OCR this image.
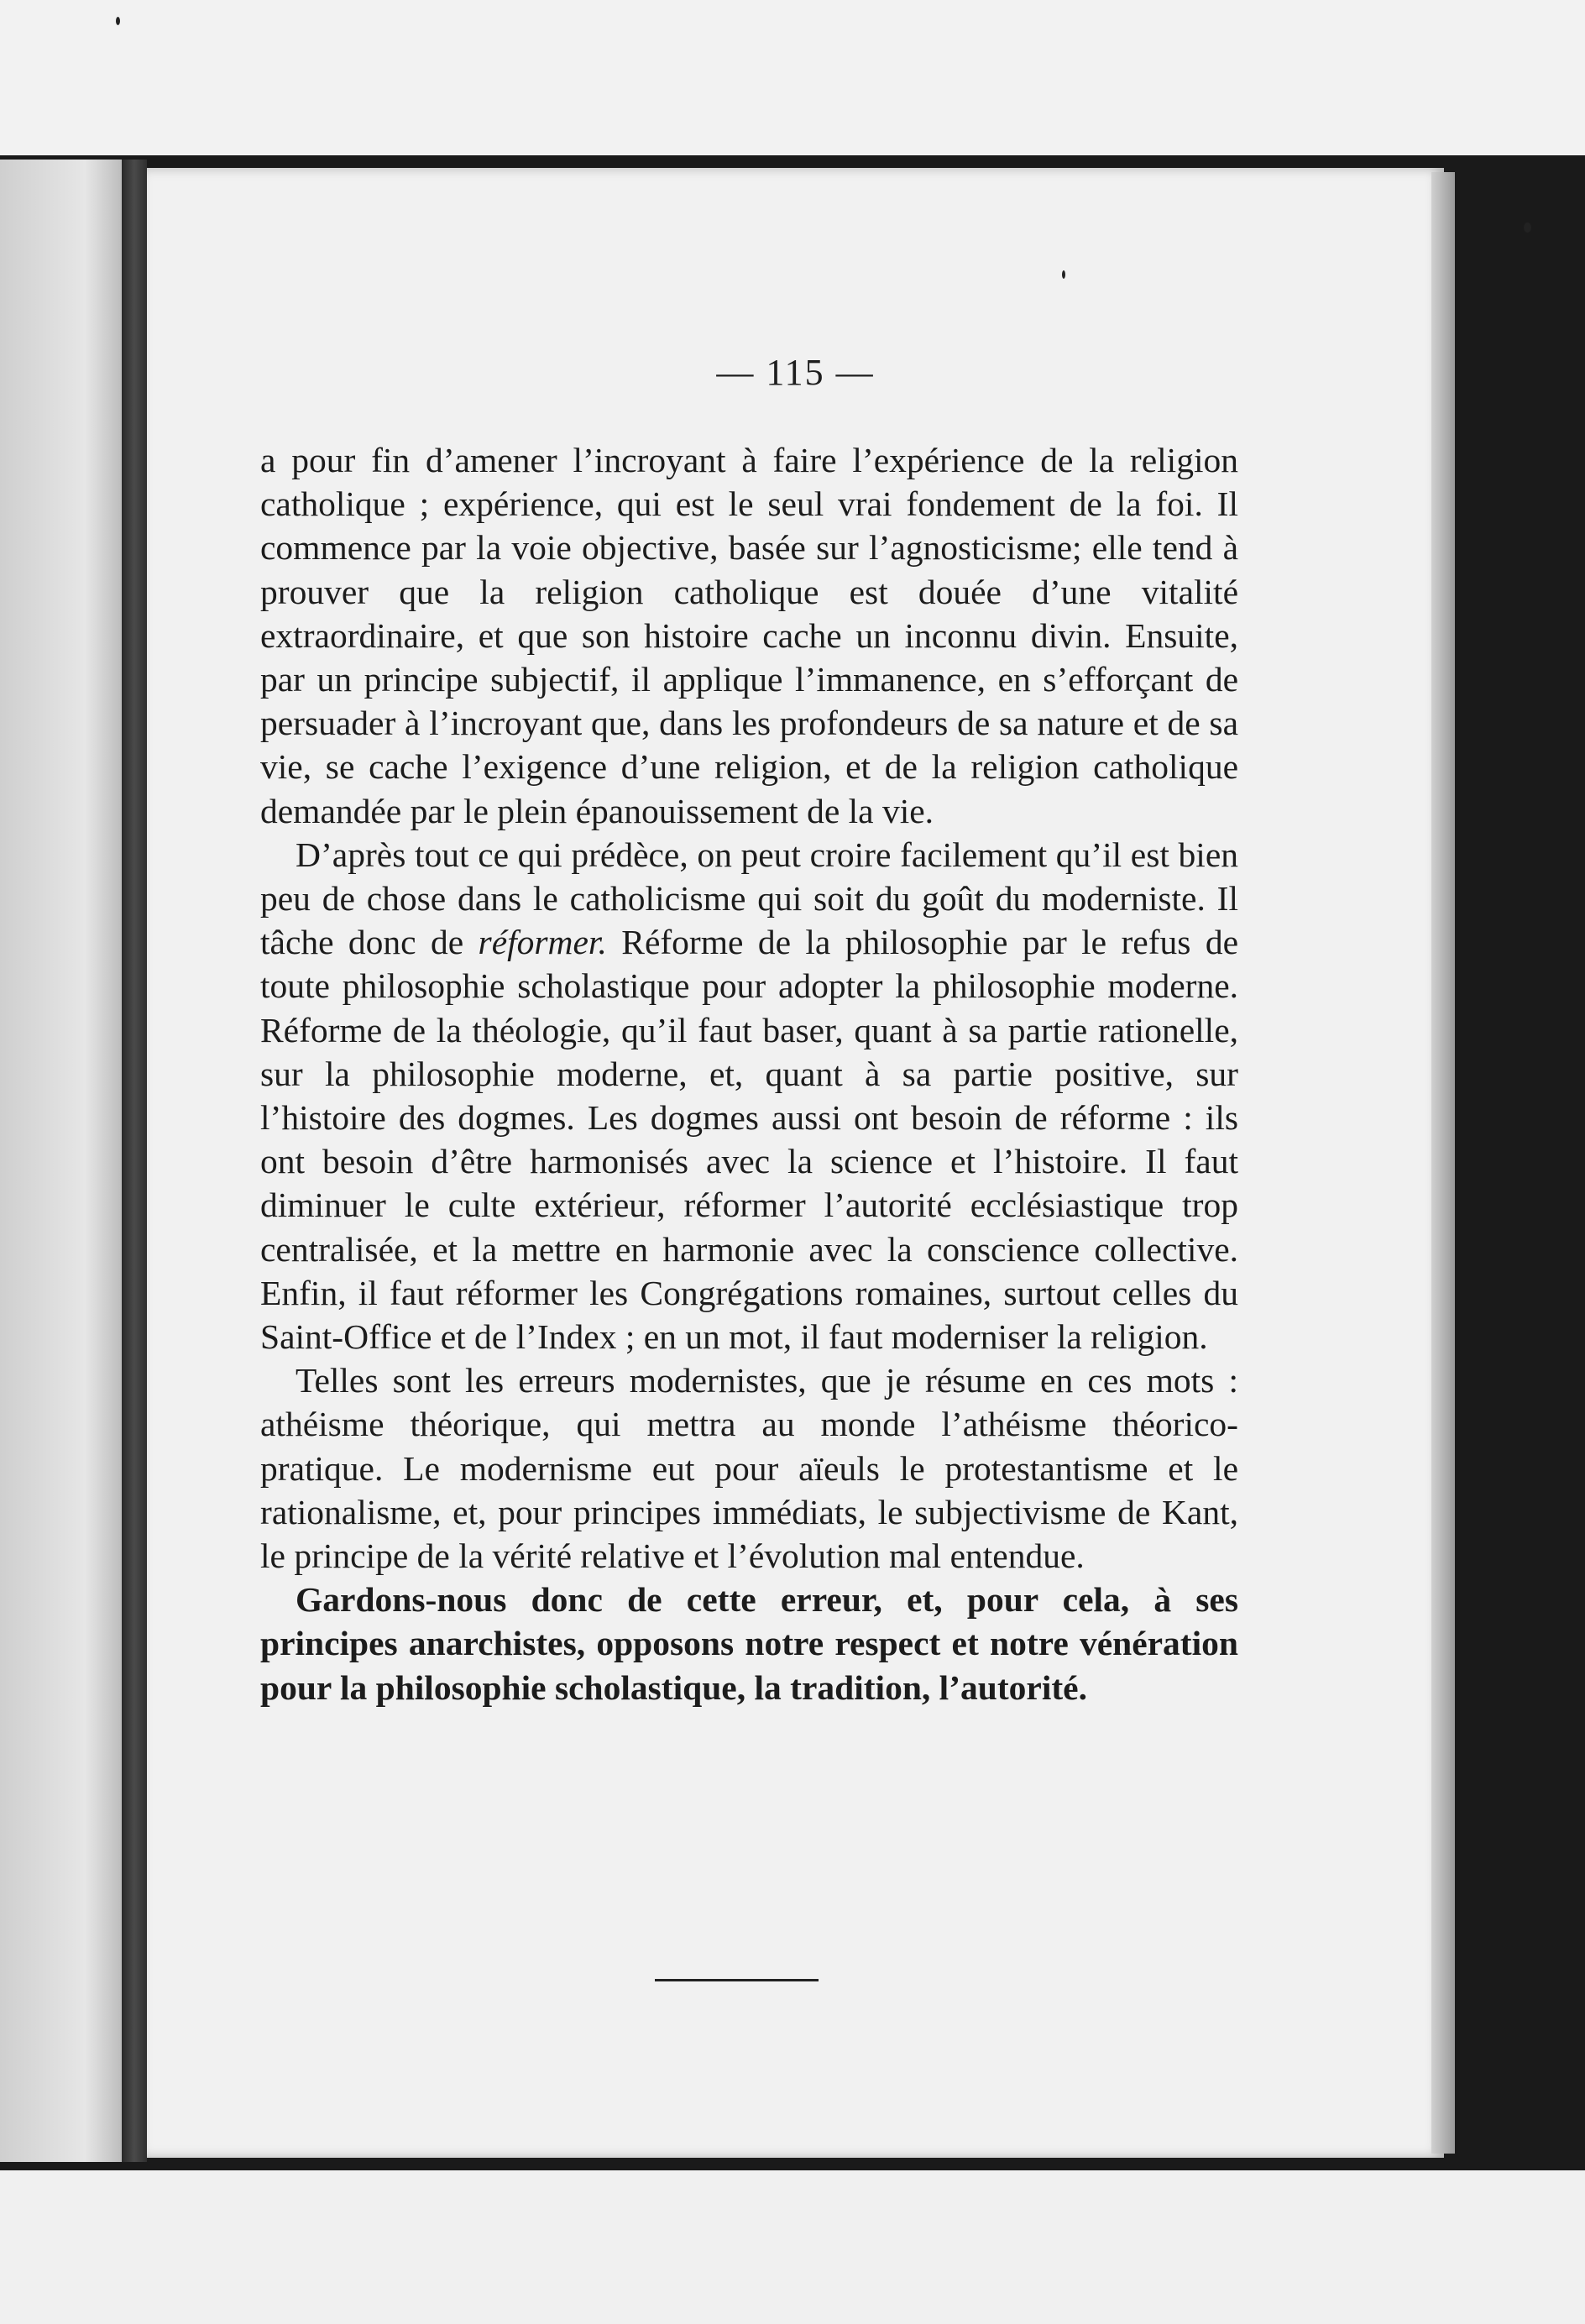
— 115 —

a pour fin d’amener l’incroyant à faire l’expérience de la religion catholique ; expérience, qui est le seul vrai fondement de la foi. Il commence par la voie objective, basée sur l’agnosticisme; elle tend à prouver que la religion catholique est douée d’une vitalité extraordinaire, et que son histoire cache un inconnu divin. Ensuite, par un principe subjectif, il applique l’immanence, en s’efforçant de persuader à l’incroyant que, dans les profondeurs de sa nature et de sa vie, se cache l’exigence d’une religion, et de la religion catholique demandée par le plein épanouissement de la vie.

D’après tout ce qui prédèce, on peut croire facilement qu’il est bien peu de chose dans le catholicisme qui soit du goût du moderniste. Il tâche donc de réformer. Réforme de la philosophie par le refus de toute philosophie scholastique pour adopter la philosophie moderne. Réforme de la théologie, qu’il faut baser, quant à sa partie rationelle, sur la philosophie moderne, et, quant à sa partie positive, sur l’histoire des dogmes. Les dogmes aussi ont besoin de réforme : ils ont besoin d’être harmonisés avec la science et l’histoire. Il faut diminuer le culte extérieur, réformer l’autorité ecclésiastique trop centralisée, et la mettre en harmonie avec la conscience collective. Enfin, il faut réformer les Congrégations romaines, surtout celles du Saint-Office et de l’Index ; en un mot, il faut moderniser la religion.

Telles sont les erreurs modernistes, que je résume en ces mots : athéisme théorique, qui mettra au monde l’athéisme théorico-pratique. Le modernisme eut pour aïeuls le protestantisme et le rationalisme, et, pour principes immédiats, le subjectivisme de Kant, le principe de la vérité relative et l’évolution mal entendue.

Gardons-nous donc de cette erreur, et, pour cela, à ses principes anarchistes, opposons notre respect et notre vénération pour la philosophie scholastique, la tradition, l’autorité.
